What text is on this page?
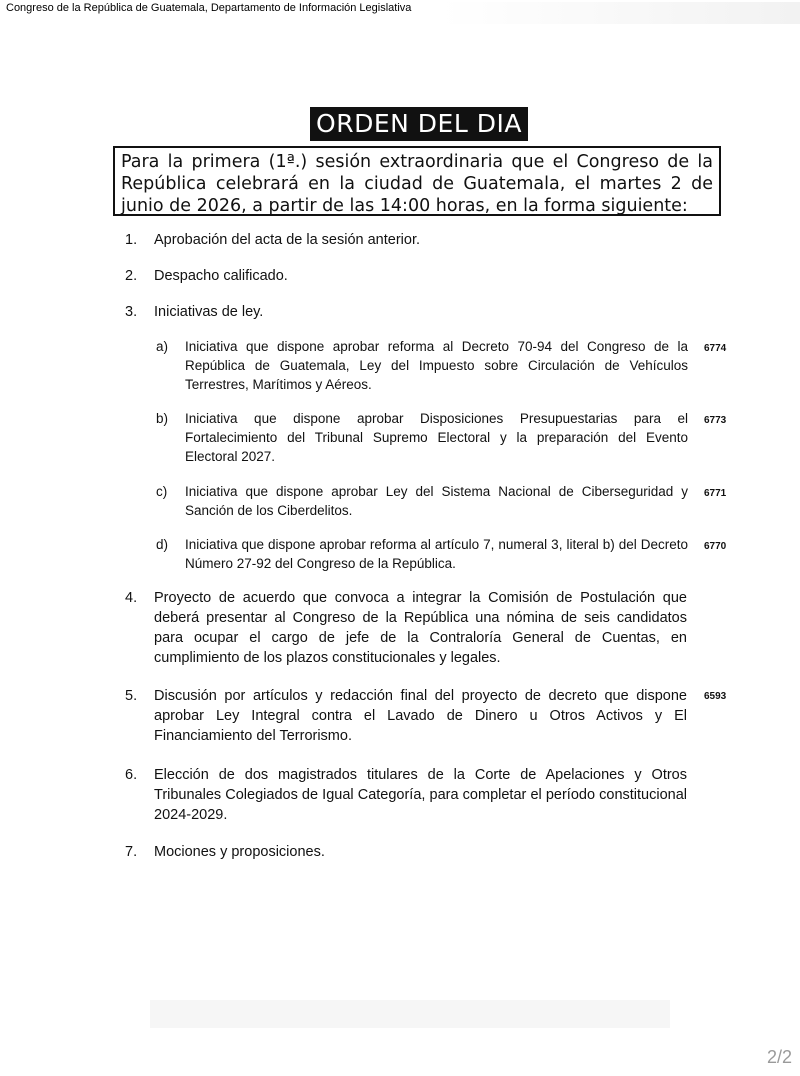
Congreso de la República de Guatemala, Departamento de Información Legislativa
ORDEN DEL DIA
Para la primera (1ª.) sesión extraordinaria que el Congreso de la República celebrará en la ciudad de Guatemala, el martes 2 de junio de 2026, a partir de las 14:00 horas, en la forma siguiente:
1. Aprobación del acta de la sesión anterior.
2. Despacho calificado.
3. Iniciativas de ley.
a) Iniciativa que dispone aprobar reforma al Decreto 70-94 del Congreso de la República de Guatemala, Ley del Impuesto sobre Circulación de Vehículos Terrestres, Marítimos y Aéreos.
6774
b) Iniciativa que dispone aprobar Disposiciones Presupuestarias para el Fortalecimiento del Tribunal Supremo Electoral y la preparación del Evento Electoral 2027.
6773
c) Iniciativa que dispone aprobar Ley del Sistema Nacional de Ciberseguridad y Sanción de los Ciberdelitos.
6771
d) Iniciativa que dispone aprobar reforma al artículo 7, numeral 3, literal b) del Decreto Número 27-92 del Congreso de la República.
6770
4. Proyecto de acuerdo que convoca a integrar la Comisión de Postulación que deberá presentar al Congreso de la República una nómina de seis candidatos para ocupar el cargo de jefe de la Contraloría General de Cuentas, en cumplimiento de los plazos constitucionales y legales.
5. Discusión por artículos y redacción final del proyecto de decreto que dispone aprobar Ley Integral contra el Lavado de Dinero u Otros Activos y El Financiamiento del Terrorismo.
6593
6. Elección de dos magistrados titulares de la Corte de Apelaciones y Otros Tribunales Colegiados de Igual Categoría, para completar el período constitucional 2024-2029.
7. Mociones y proposiciones.
2/2
